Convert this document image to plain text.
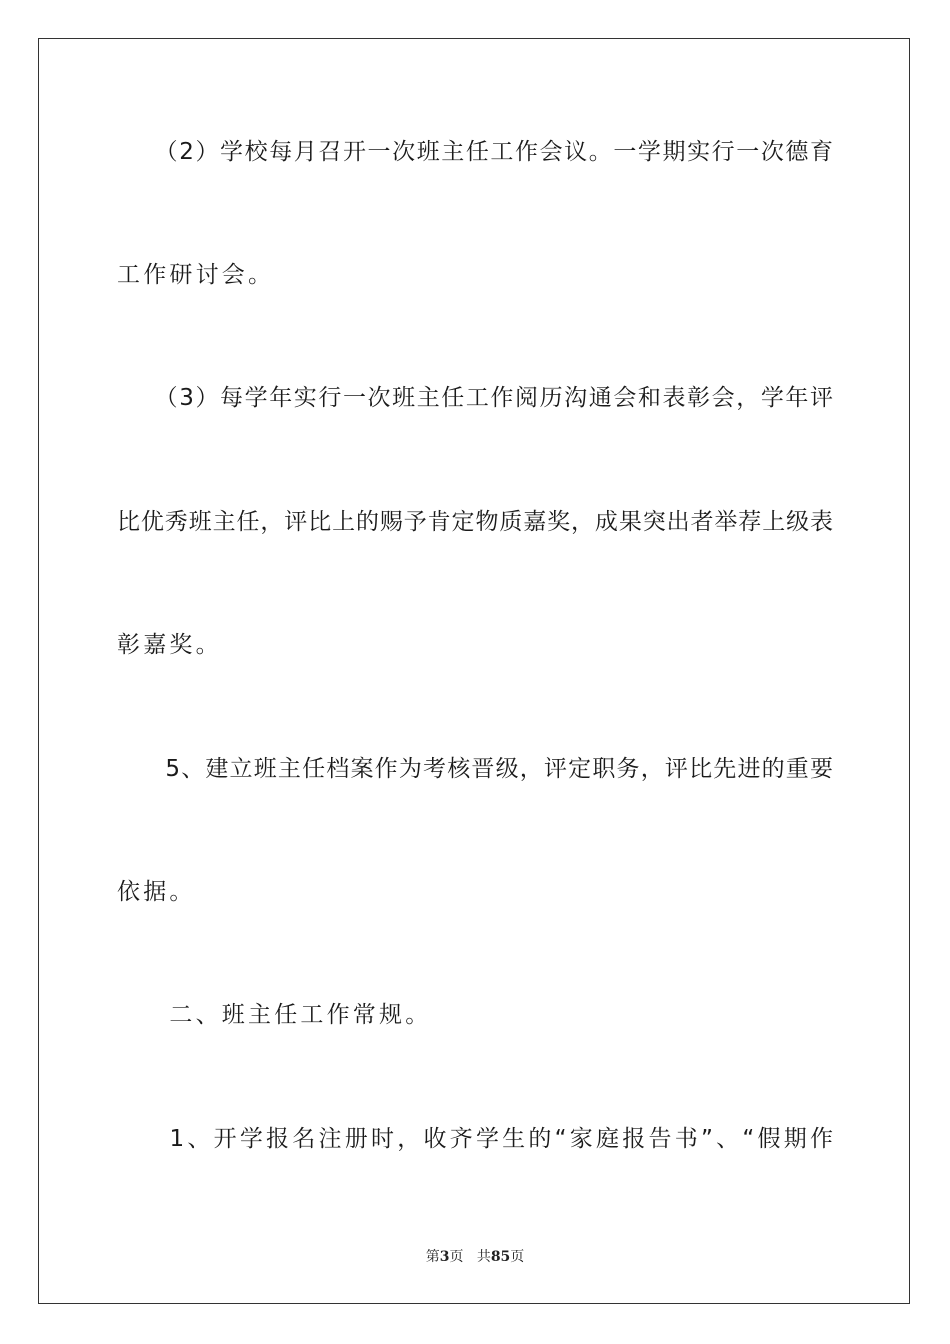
　　（2）学校每月召开一次班主任工作会议。一学期实行一次德育
工作研讨会。
　　（3）每学年实行一次班主任工作阅历沟通会和表彰会，学年评
比优秀班主任，评比上的赐予肯定物质嘉奖，成果突出者举荐上级表
彰嘉奖。
　　5、建立班主任档案作为考核晋级，评定职务，评比先进的重要
依据。
　　二、班主任工作常规。
　　1、开学报名注册时，收齐学生的“家庭报告书”、“假期作
第3页 共85页
